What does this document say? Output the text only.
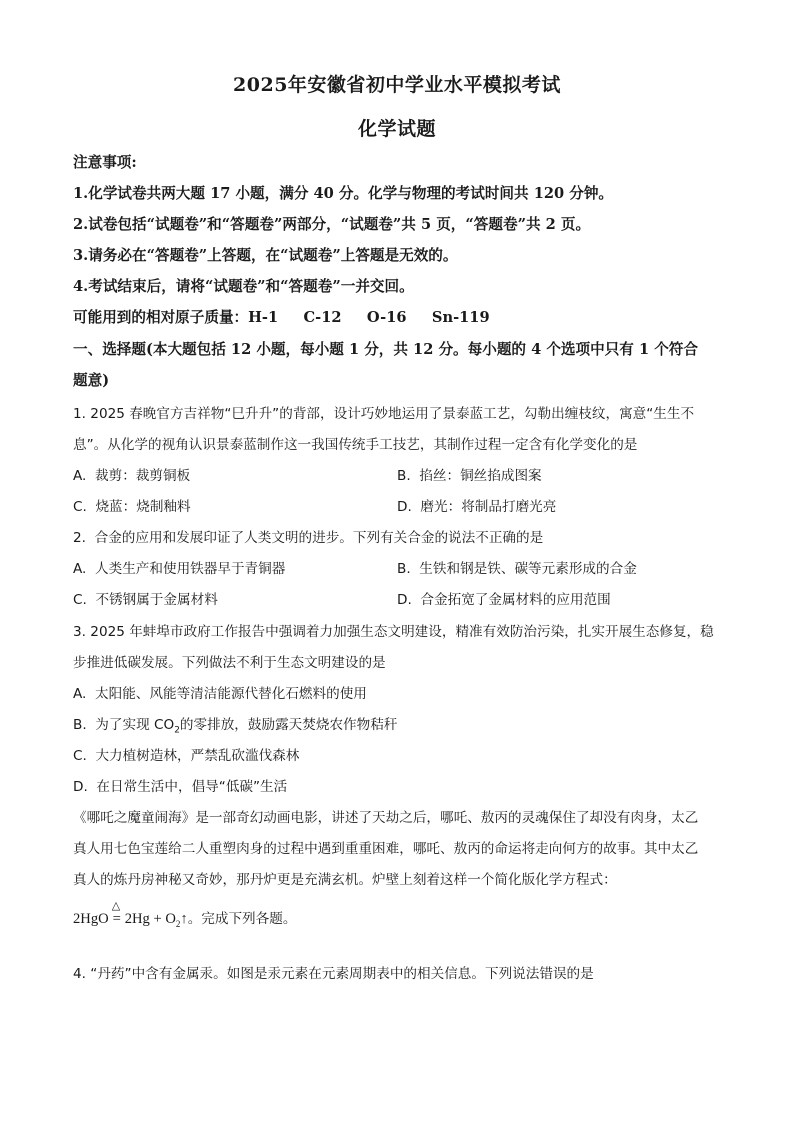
2025年安徽省初中学业水平模拟考试
化学试题
注意事项:
1.化学试卷共两大题 17 小题，满分 40 分。化学与物理的考试时间共 120 分钟。
2.试卷包括“试题卷”和“答题卷”两部分，“试题卷”共 5 页，“答题卷”共 2 页。
3.请务必在“答题卷”上答题，在“试题卷”上答题是无效的。
4.考试结束后，请将“试题卷”和“答题卷”一并交回。
可能用到的相对原子质量：H-1     C-12     O-16     Sn-119
一、选择题(本大题包括 12 小题，每小题 1 分，共 12 分。每小题的 4 个选项中只有 1 个符合
题意)
1. 2025 春晚官方吉祥物“巳升升”的背部，设计巧妙地运用了景泰蓝工艺，勾勒出缠枝纹，寓意“生生不
息”。从化学的视角认识景泰蓝制作这一我国传统手工技艺，其制作过程一定含有化学变化的是
A.  裁剪：裁剪铜板	B.  掐丝：铜丝掐成图案
C.  烧蓝：烧制釉料	D.  磨光：将制品打磨光亮
2.  合金的应用和发展印证了人类文明的进步。下列有关合金的说法不正确的是
A.  人类生产和使用铁器早于青铜器	B.  生铁和钢是铁、碳等元素形成的合金
C.  不锈钢属于金属材料	D.  合金拓宽了金属材料的应用范围
3. 2025 年蚌埠市政府工作报告中强调着力加强生态文明建设，精准有效防治污染，扎实开展生态修复，稳
步推进低碳发展。下列做法不利于生态文明建设的是
A.  太阳能、风能等清洁能源代替化石燃料的使用
B.  为了实现 $CO_2$的零排放，鼓励露天焚烧农作物秸秆
C.  大力植树造林，严禁乱砍滥伐森林
D.  在日常生活中，倡导“低碳”生活
《哪吒之魔童闹海》是一部奇幻动画电影，讲述了天劫之后，哪吒、敖丙的灵魂保住了却没有肉身，太乙
真人用七色宝莲给二人重塑肉身的过程中遇到重重困难，哪吒、敖丙的命运将走向何方的故事。其中太乙
真人的炼丹房神秘又奇妙，那丹炉更是充满玄机。炉壁上刻着这样一个简化版化学方程式：
2HgO
△
= $2Hg + O_2↑$。完成下列各题。
4. “丹药”中含有金属汞。如图是汞元素在元素周期表中的相关信息。下列说法错误的是
